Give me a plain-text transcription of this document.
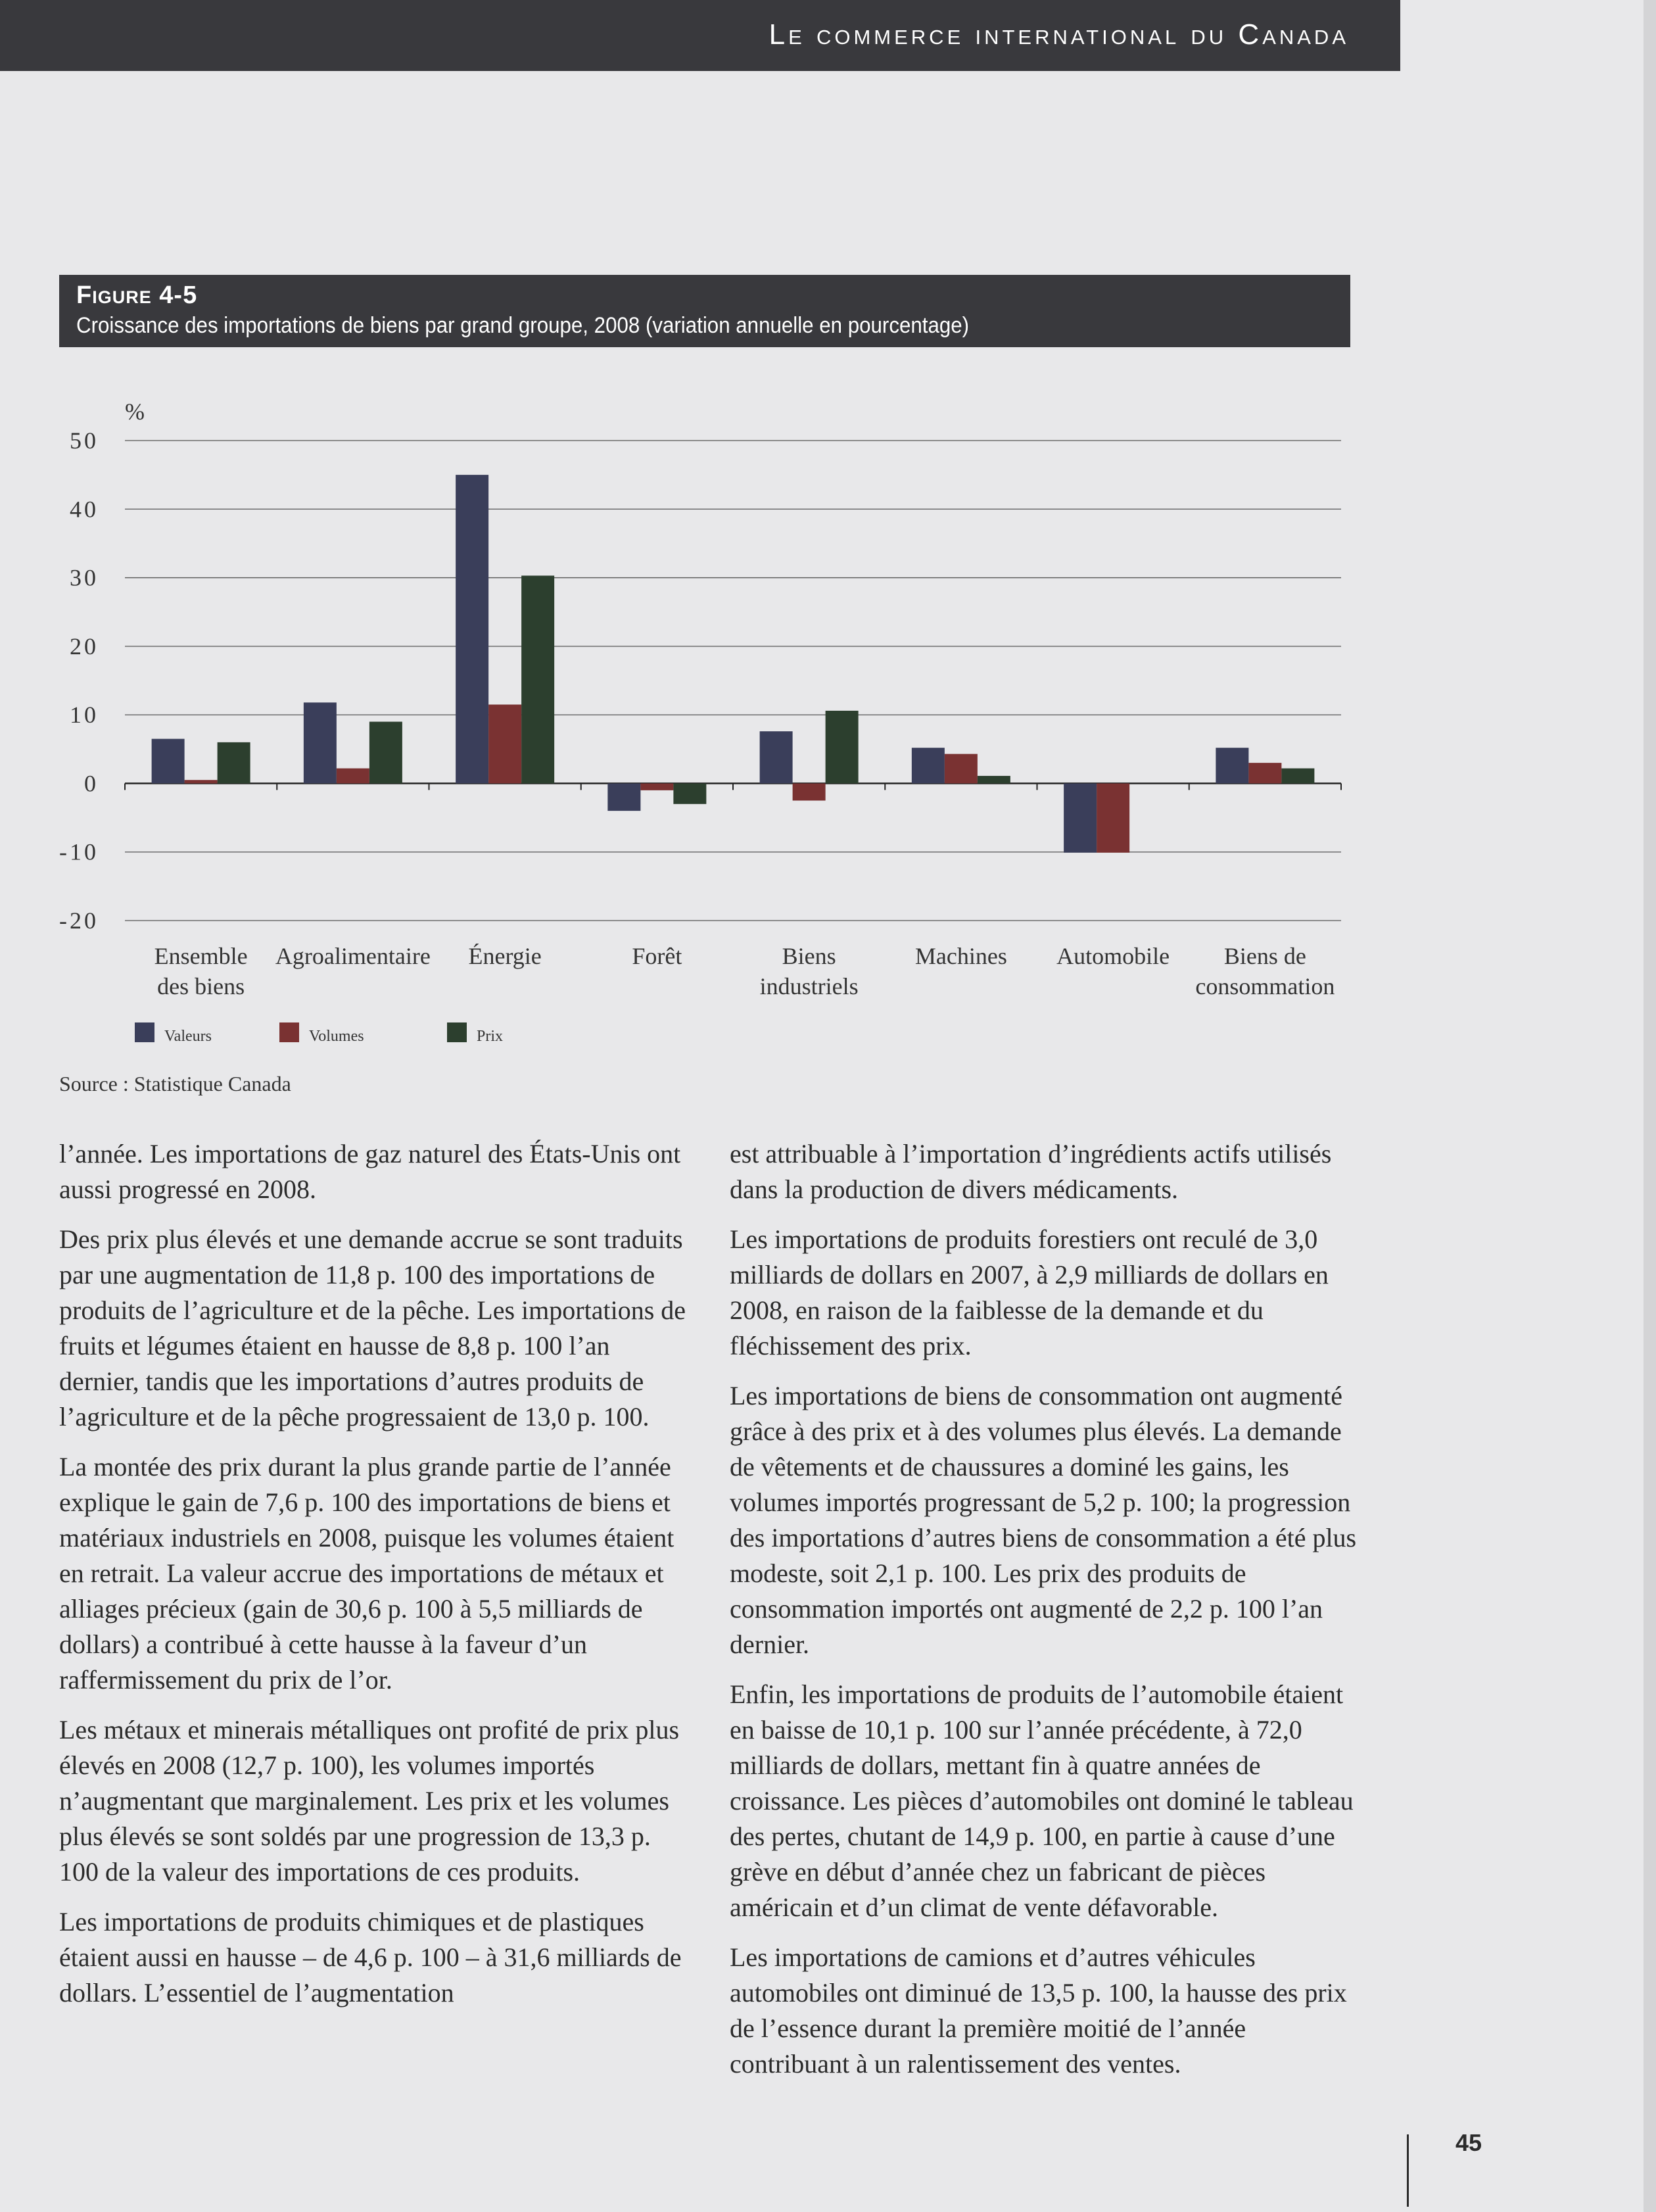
Le commerce international du Canada
Figure 4-5
Croissance des importations de biens par grand groupe, 2008 (variation annuelle en pourcentage)
%
50
40
30
20
10
0
-10
-20
Ensemble des biens
Agroalimentaire Énergie	Forêt	Biens industriels
Machines Automobile	Biens de consommation
Valeurs	Volumes	Prix
Source : Statistique Canada

l’année. Les importations de gaz naturel des États-Unis ont aussi progressé en 2008.

Des prix plus élevés et une demande accrue se sont traduits par une augmentation de 11,8 p. 100 des importations de produits de l’agriculture et de la pêche. Les importations de fruits et légumes étaient en hausse de 8,8 p. 100 l’an dernier, tandis que les importations d’autres produits de l’agriculture et de la pêche progressaient de 13,0 p. 100.

La montée des prix durant la plus grande partie de l’année explique le gain de 7,6 p. 100 des importations de biens et matériaux industriels en 2008, puisque les volumes étaient en retrait. La valeur accrue des importations de métaux et alliages précieux (gain de 30,6 p. 100 à 5,5 milliards de dollars) a contribué à cette hausse à la faveur d’un raffermissement du prix de l’or.

Les métaux et minerais métalliques ont profité de prix plus élevés en 2008 (12,7 p. 100), les volumes importés n’augmentant que marginalement. Les prix et les volumes plus élevés se sont soldés par une progression de 13,3 p. 100 de la valeur des importations de ces produits.

Les importations de produits chimiques et de plastiques étaient aussi en hausse – de 4,6 p. 100 – à 31,6 milliards de dollars. L’essentiel de l’augmentation

est attribuable à l’importation d’ingrédients actifs utilisés dans la production de divers médicaments.

Les importations de produits forestiers ont reculé de 3,0 milliards de dollars en 2007, à 2,9 milliards de dollars en 2008, en raison de la faiblesse de la demande et du fléchissement des prix.

Les importations de biens de consommation ont augmenté grâce à des prix et à des volumes plus élevés. La demande de vêtements et de chaussures a dominé les gains, les volumes importés progressant de 5,2 p. 100; la progression des importations d’autres biens de consommation a été plus modeste, soit 2,1 p. 100. Les prix des produits de consommation importés ont augmenté de 2,2 p. 100 l’an dernier.

Enfin, les importations de produits de l’automobile étaient en baisse de 10,1 p. 100 sur l’année précédente, à 72,0 milliards de dollars, mettant fin à quatre années de croissance. Les pièces d’automobiles ont dominé le tableau des pertes, chutant de 14,9 p. 100, en partie à cause d’une grève en début d’année chez un fabricant de pièces américain et d’un climat de vente défavorable.

Les importations de camions et d’autres véhicules automobiles ont diminué de 13,5 p. 100, la hausse des prix de l’essence durant la première moitié de l’année contribuant à un ralentissement des ventes.

45
